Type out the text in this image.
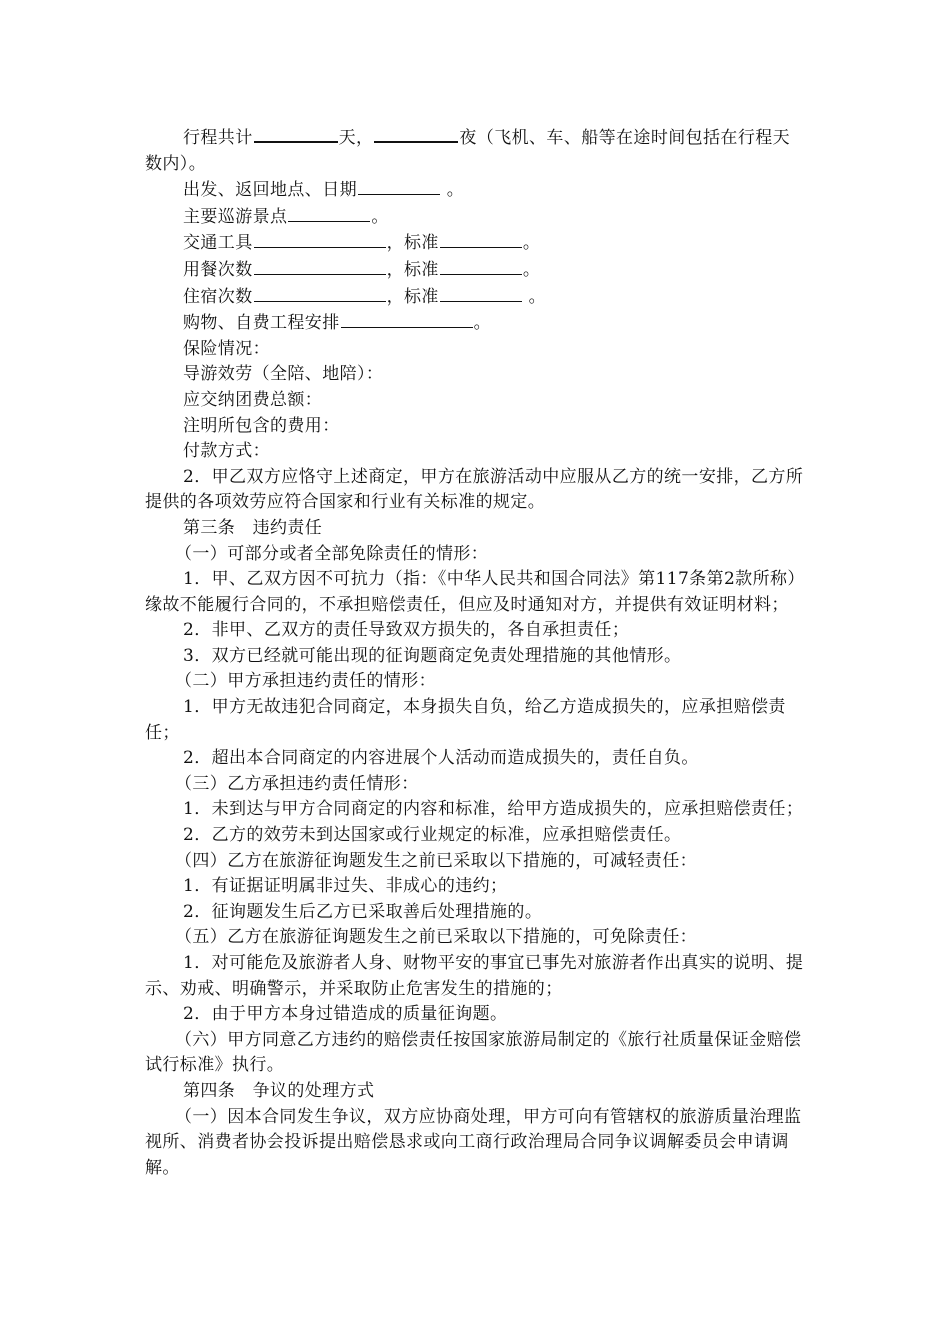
行程共计	天，	夜（飞机、车、船等在途时间包括在行程天数内）。

出发、返回地点、日期	。

主要巡游景点	。

交通工具	，标准	。

用餐次数	，标准	。

住宿次数	，标准	。

购物、自费工程安排	。

保险情况：

导游效劳（全陪、地陪）：

应交纳团费总额：

注明所包含的费用：

付款方式：

2．甲乙双方应恪守上述商定，甲方在旅游活动中应服从乙方的统一安排，乙方所提供的各项效劳应符合国家和行业有关标准的规定。

第三条　违约责任

（一）可部分或者全部免除责任的情形：

1．甲、乙双方因不可抗力（指：《中华人民共和国合同法》第117条第2款所称）缘故不能履行合同的，不承担赔偿责任，但应及时通知对方，并提供有效证明材料；

2．非甲、乙双方的责任导致双方损失的，各自承担责任；

3．双方已经就可能出现的征询题商定免责处理措施的其他情形。

（二）甲方承担违约责任的情形：

1．甲方无故违犯合同商定，本身损失自负，给乙方造成损失的，应承担赔偿责任；

2．超出本合同商定的内容进展个人活动而造成损失的，责任自负。

（三）乙方承担违约责任情形：

1．未到达与甲方合同商定的内容和标准，给甲方造成损失的，应承担赔偿责任；

2．乙方的效劳未到达国家或行业规定的标准，应承担赔偿责任。

（四）乙方在旅游征询题发生之前已采取以下措施的，可减轻责任：

1．有证据证明属非过失、非成心的违约；

2．征询题发生后乙方已采取善后处理措施的。

（五）乙方在旅游征询题发生之前已采取以下措施的，可免除责任：

1．对可能危及旅游者人身、财物平安的事宜已事先对旅游者作出真实的说明、提示、劝戒、明确警示，并采取防止危害发生的措施的；

2．由于甲方本身过错造成的质量征询题。

（六）甲方同意乙方违约的赔偿责任按国家旅游局制定的《旅行社质量保证金赔偿试行标准》执行。

第四条　争议的处理方式

（一）因本合同发生争议，双方应协商处理，甲方可向有管辖权的旅游质量治理监视所、消费者协会投诉提出赔偿恳求或向工商行政治理局合同争议调解委员会申请调解。
